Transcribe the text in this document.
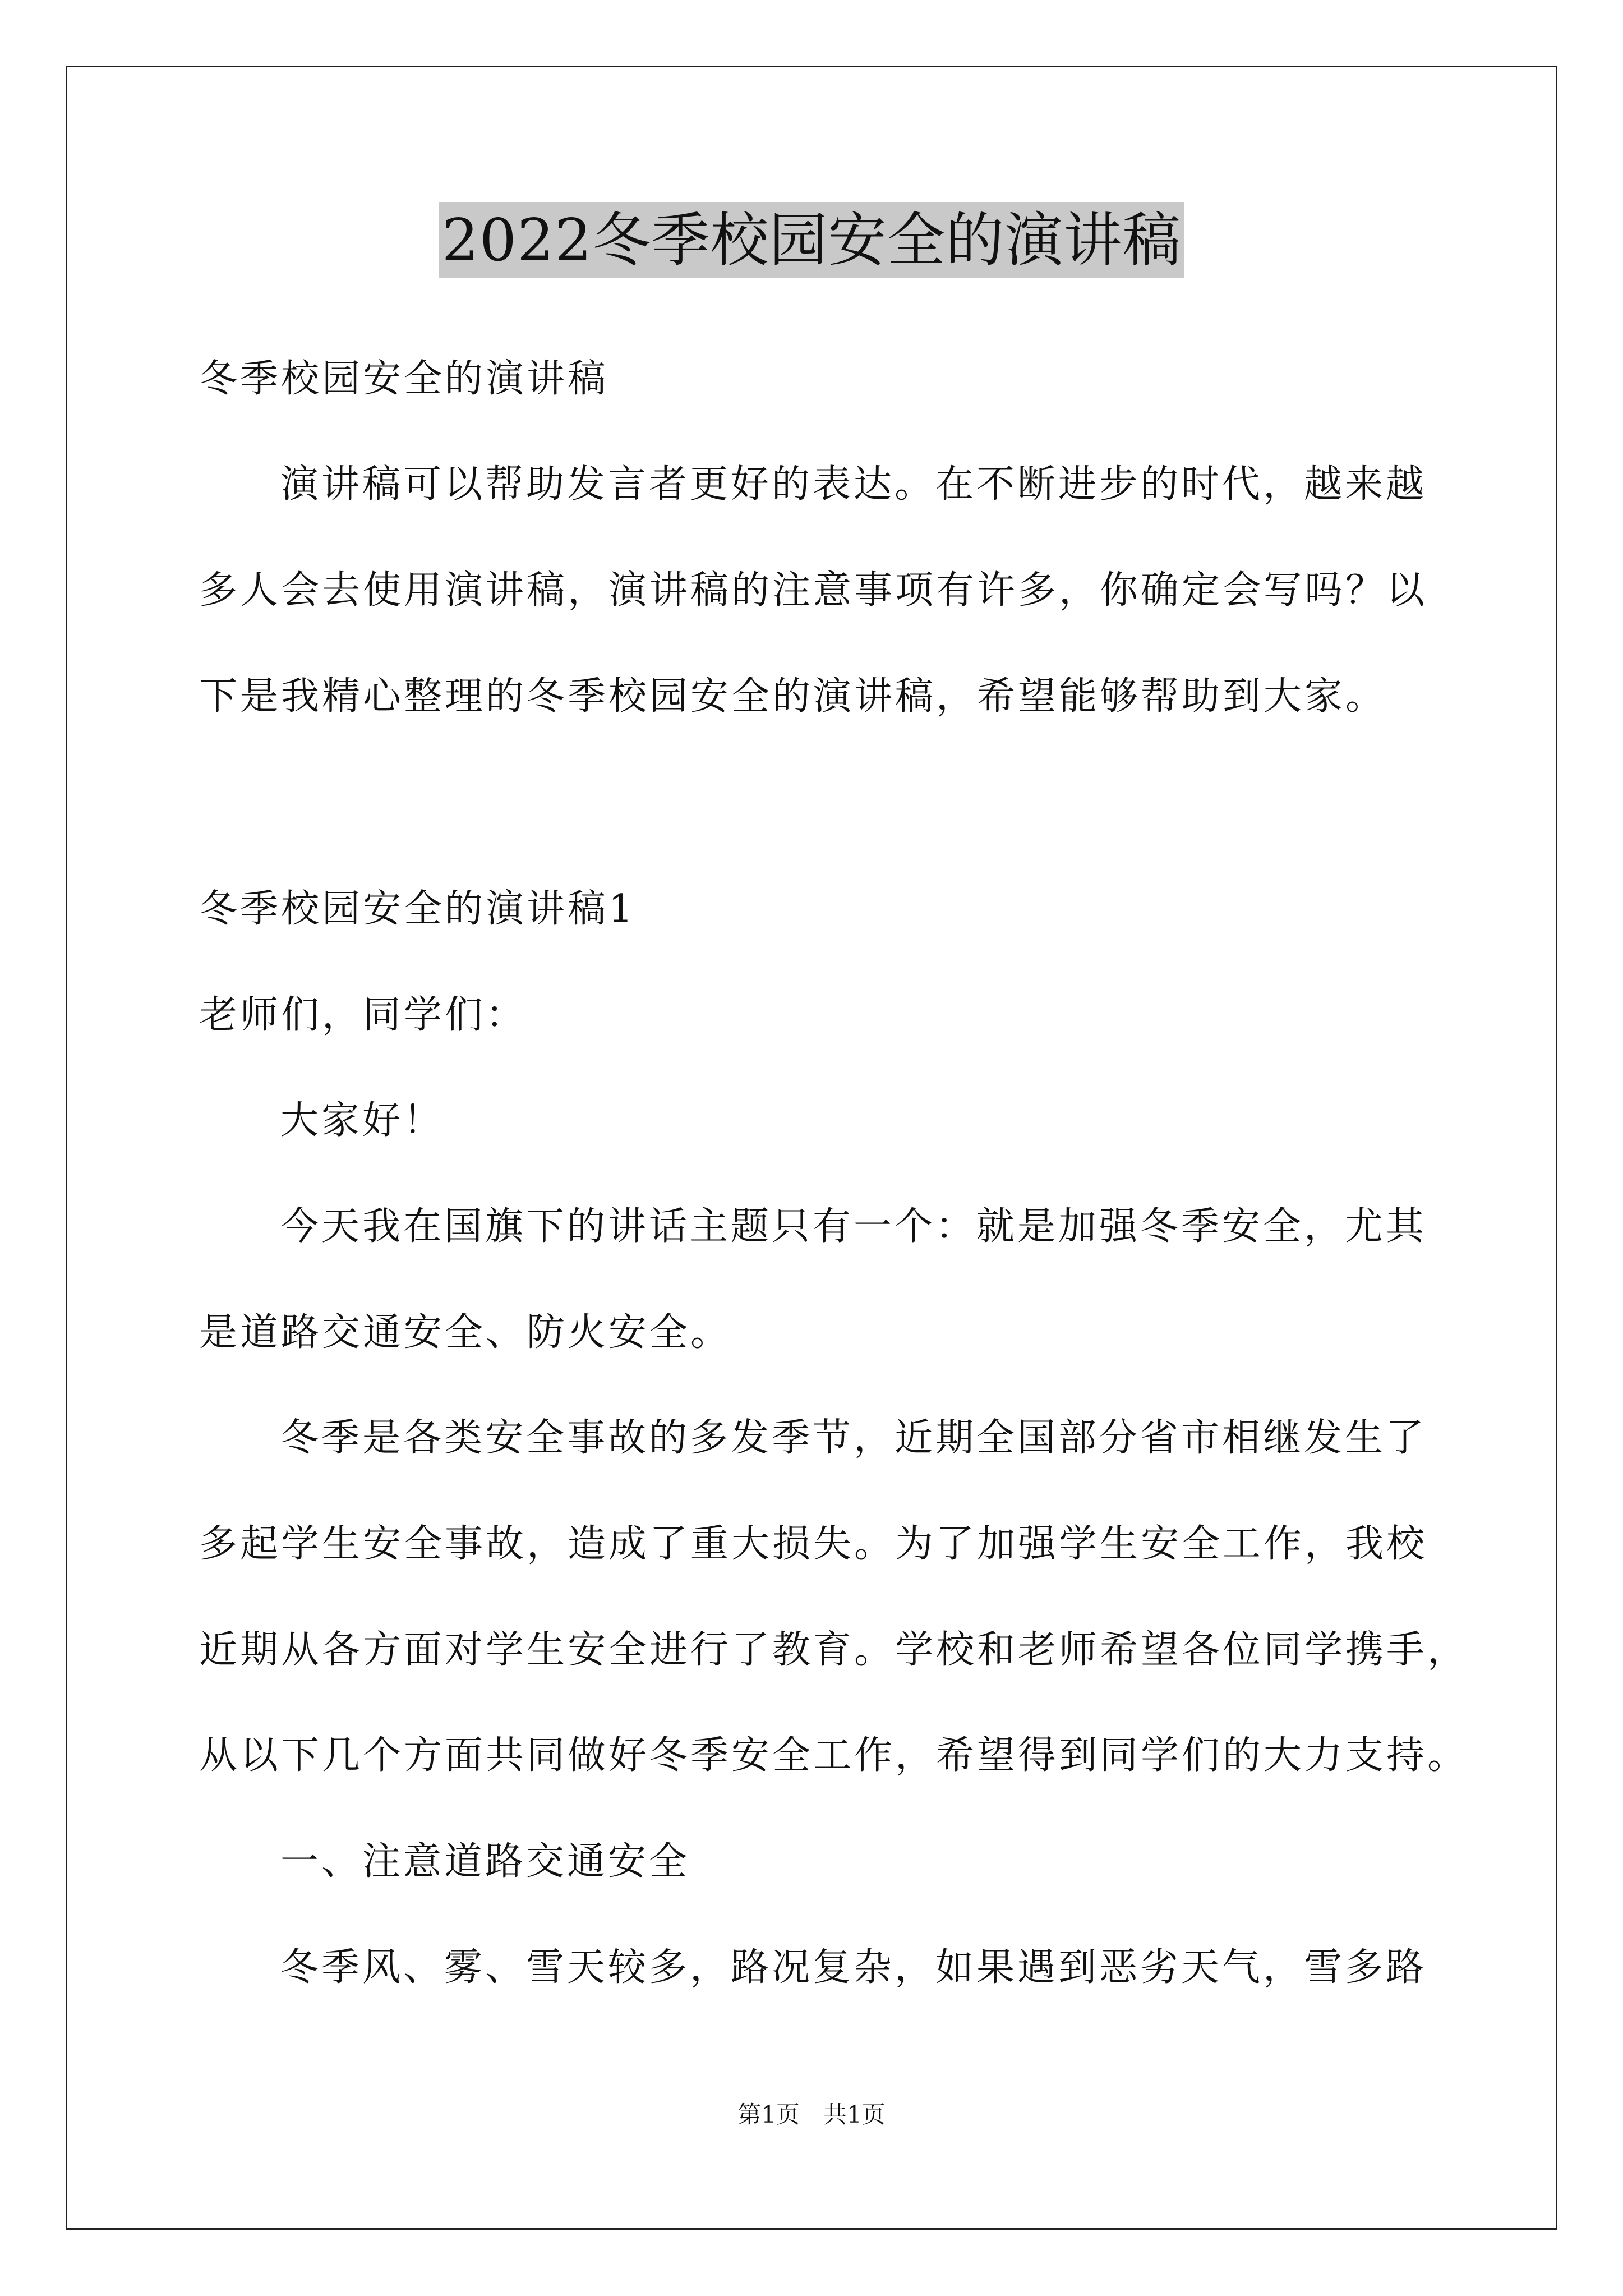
2022冬季校园安全的演讲稿
冬季校园安全的演讲稿
演讲稿可以帮助发言者更好的表达。在不断进步的时代，越来越
多人会去使用演讲稿，演讲稿的注意事项有许多，你确定会写吗？以
下是我精心整理的冬季校园安全的演讲稿，希望能够帮助到大家。
冬季校园安全的演讲稿1
老师们，同学们：
大家好！
今天我在国旗下的讲话主题只有一个：就是加强冬季安全，尤其
是道路交通安全、防火安全。
冬季是各类安全事故的多发季节，近期全国部分省市相继发生了
多起学生安全事故，造成了重大损失。为了加强学生安全工作，我校
近期从各方面对学生安全进行了教育。学校和老师希望各位同学携手，
从以下几个方面共同做好冬季安全工作，希望得到同学们的大力支持。
一、注意道路交通安全
冬季风、雾、雪天较多，路况复杂，如果遇到恶劣天气，雪多路
第1页　共1页
